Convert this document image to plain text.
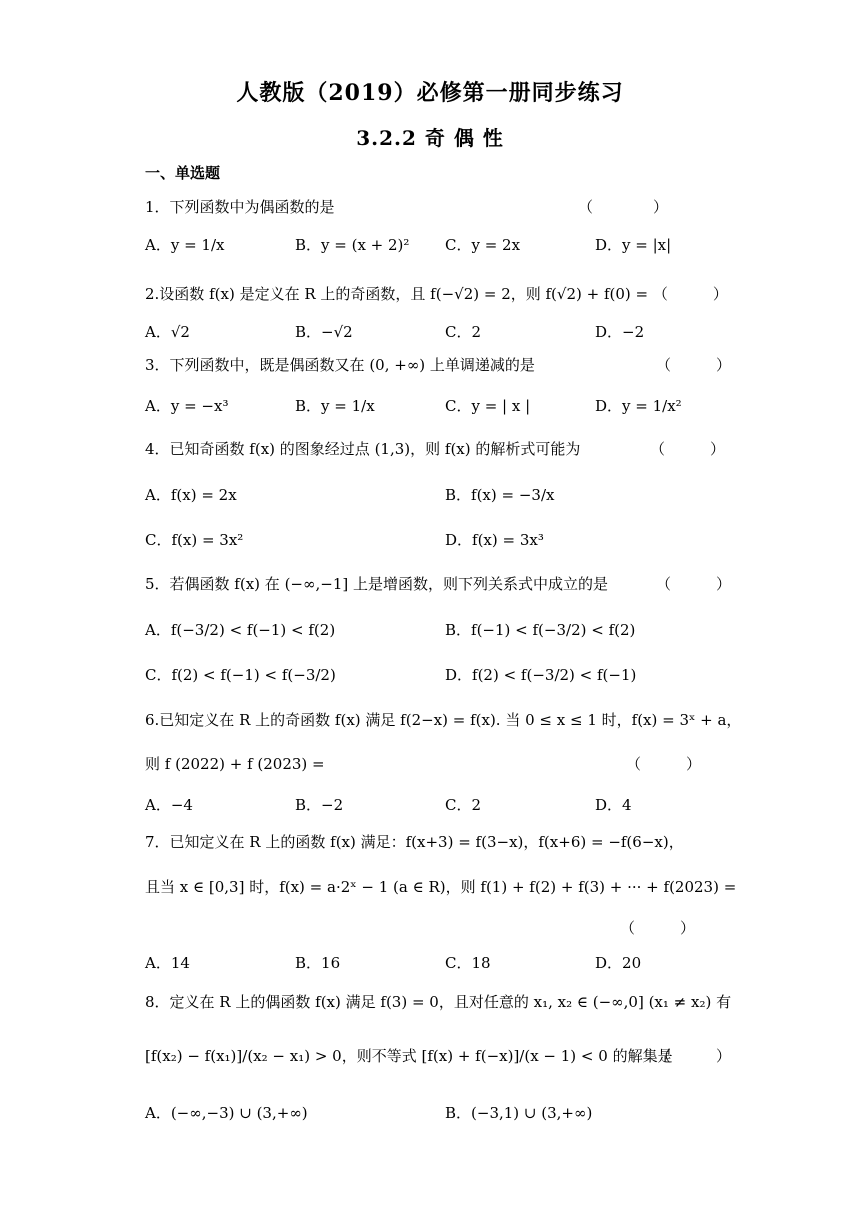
人教版（2019）必修第一册同步练习
3.2.2 奇 偶 性
一、单选题
1．下列函数中为偶函数的是	（　　　　）
A．y = 1/x	B．y = (x + 2)² C．y = 2x	D．y = |x|
2.设函数 f(x) 是定义在 R 上的奇函数，且 f(−√2) = 2，则 f(√2) + f(0) = （　　　）
A．√2	B．−√2	C．2	D．−2
3．下列函数中，既是偶函数又在 (0, +∞) 上单调递减的是	（　　　）
A．y = −x³	B．y = 1/x	C．y = | x |	D．y = 1/x²
4．已知奇函数 f(x) 的图象经过点 (1,3)，则 f(x) 的解析式可能为	（　　　）
A．f(x) = 2x	B．f(x) = −3/x
C．f(x) = 3x²	D．f(x) = 3x³
5．若偶函数 f(x) 在 (−∞,−1] 上是增函数，则下列关系式中成立的是	（　　　）
A．f(−3/2) < f(−1) < f(2)	B．f(−1) < f(−3/2) < f(2)
C．f(2) < f(−1) < f(−3/2)	D．f(2) < f(−3/2) < f(−1)
6.已知定义在 R 上的奇函数 f(x) 满足 f(2−x) = f(x). 当 0 ≤ x ≤ 1 时，f(x) = 3ˣ + a，
则 f (2022) + f (2023) =	（　　　）
A．−4	B．−2	C．2	D．4
7．已知定义在 R 上的函数 f(x) 满足：f(x+3) = f(3−x)，f(x+6) = −f(6−x)，
且当 x ∈ [0,3] 时，f(x) = a·2ˣ − 1 (a ∈ R)，则 f(1) + f(2) + f(3) + ··· + f(2023) =
（　　　）
A．14	B．16	C．18	D．20
8．定义在 R 上的偶函数 f(x) 满足 f(3) = 0，且对任意的 x₁, x₂ ∈ (−∞,0] (x₁ ≠ x₂) 有
[f(x₂) − f(x₁)]/(x₂ − x₁) > 0，则不等式 [f(x) + f(−x)]/(x − 1) < 0 的解集是
（　　　）
A．(−∞,−3) ∪ (3,+∞)	B．(−3,1) ∪ (3,+∞)
